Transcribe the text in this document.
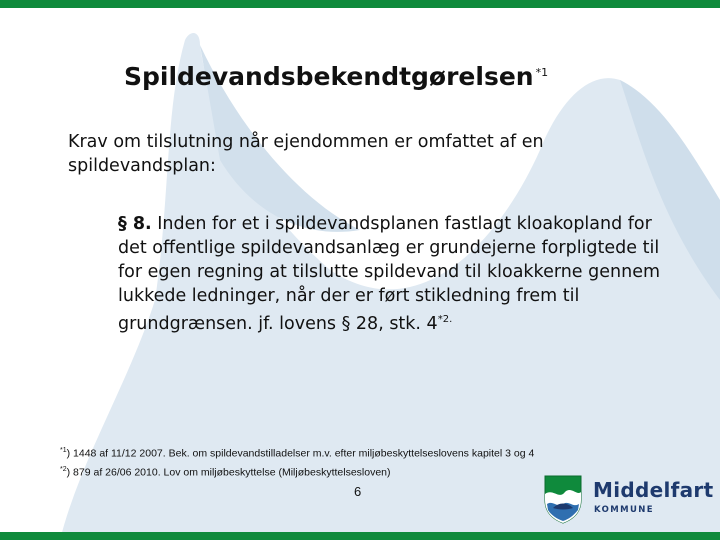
Spildevandsbekendtgørelsen $^{*1}$

Krav om tilslutning når ejendommen er omfattet af en spildevandsplan:

§ 8. Inden for et i spildevandsplanen fastlagt kloakopland for det offentlige spildevandsanlæg er grundejerne forpligtede til for egen regning at tilslutte spildevand til kloakkerne gennem lukkede ledninger, når der er ført stikledning frem til grundgrænsen. jf. lovens § 28, stk. $4^{*2.}$

$^{*1}$) 1448 af 11/12 2007. Bek. om spildevandstilladelser m.v. efter miljøbeskyttelseslovens kapitel 3 og 4
$^{*2}$) 879 af 26/06 2010. Lov om miljøbeskyttelse (Miljøbeskyttelsesloven)
6	Middelfart
KOMMUNE
